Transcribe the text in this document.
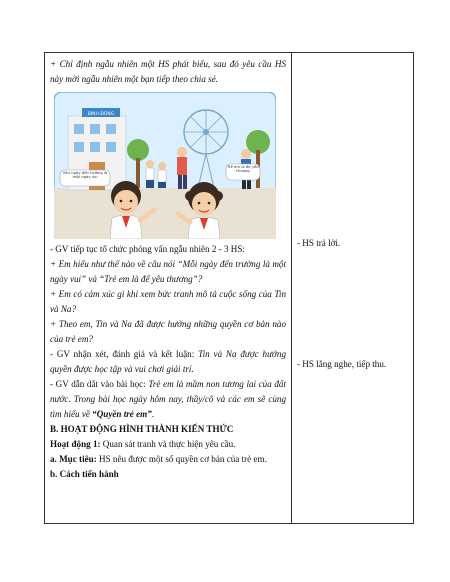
+ Chỉ định ngẫu nhiên một HS phát biểu, sau đó yêu cầu HS này mời ngẫu nhiên một bạn tiếp theo chia sẻ.

BINH ĐÔNG
Vẫn ngày đến trường là một ngày vui
Trẻ em là để yêu thương

- GV tiếp tục tổ chức phỏng vấn ngẫu nhiên 2 - 3 HS:

+ Em hiểu như thế nào về câu nói “Mỗi ngày đến trường là một ngày vui” và “Trẻ em là để yêu thương”?

+ Em có cảm xúc gì khi xem bức tranh mô tả cuộc sống của Tin và Na?

+ Theo em, Tin và Na đã được hưởng những quyền cơ bản nào của trẻ em?

- GV nhận xét, đánh giá và kết luận: Tin và Na được hưởng quyền được học tập và vui chơi giải trí.

- GV dẫn dắt vào bài học: Trẻ em là mầm non tương lai của đất nước. Trong bài học ngày hôm nay, thầy/cô và các em sẽ cùng tìm hiểu về “Quyền trẻ em”.

B. HOẠT ĐỘNG HÌNH THÀNH KIẾN THỨC

Hoạt động 1: Quan sát tranh và thực hiện yêu cầu.

a. Mục tiêu: HS nêu được một số quyền cơ bản của trẻ em.

b. Cách tiến hành

- HS trả lời.
- HS lắng nghe, tiếp thu.
